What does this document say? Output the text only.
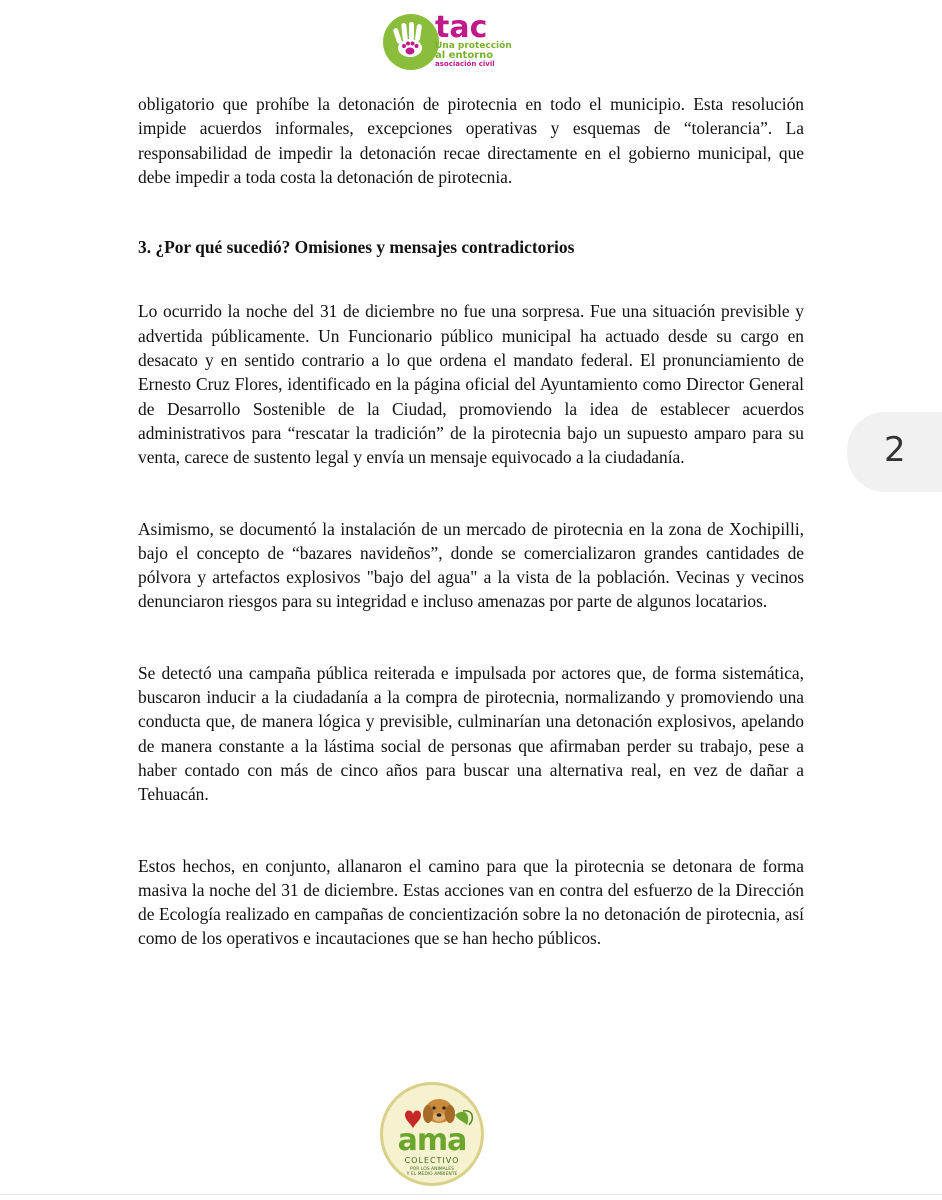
tac
Una protección
al entorno
asociación civil

obligatorio que prohíbe la detonación de pirotecnia en todo el municipio. Esta resolución impide acuerdos informales, excepciones operativas y esquemas de “tolerancia”. La responsabilidad de impedir la detonación recae directamente en el gobierno municipal, que debe impedir a toda costa la detonación de pirotecnia.

3. ¿Por qué sucedió? Omisiones y mensajes contradictorios

Lo ocurrido la noche del 31 de diciembre no fue una sorpresa. Fue una situación previsible y advertida públicamente. Un Funcionario público municipal ha actuado desde su cargo en desacato y en sentido contrario a lo que ordena el mandato federal. El pronunciamiento de Ernesto Cruz Flores, identificado en la página oficial del Ayuntamiento como Director General de Desarrollo Sostenible de la Ciudad, promoviendo la idea de establecer acuerdos administrativos para “rescatar la tradición” de la pirotecnia bajo un supuesto amparo para su venta, carece de sustento legal y envía un mensaje equivocado a la ciudadanía.

Asimismo, se documentó la instalación de un mercado de pirotecnia en la zona de Xochipilli, bajo el concepto de “bazares navideños”, donde se comercializaron grandes cantidades de pólvora y artefactos explosivos "bajo del agua" a la vista de la población. Vecinas y vecinos denunciaron riesgos para su integridad e incluso amenazas por parte de algunos locatarios.

Se detectó una campaña pública reiterada e impulsada por actores que, de forma sistemática, buscaron inducir a la ciudadanía a la compra de pirotecnia, normalizando y promoviendo una conducta que, de manera lógica y previsible, culminarían una detonación explosivos, apelando de manera constante a la lástima social de personas que afirmaban perder su trabajo, pese a haber contado con más de cinco años para buscar una alternativa real, en vez de dañar a Tehuacán.

Estos hechos, en conjunto, allanaron el camino para que la pirotecnia se detonara de forma masiva la noche del 31 de diciembre. Estas acciones van en contra del esfuerzo de la Dirección de Ecología realizado en campañas de concientización sobre la no detonación de pirotecnia, así como de los operativos e incautaciones que se han hecho públicos.

2
ama
COLECTIVO
POR LOS ANIMALES
Y EL MEDIO AMBIENTE
